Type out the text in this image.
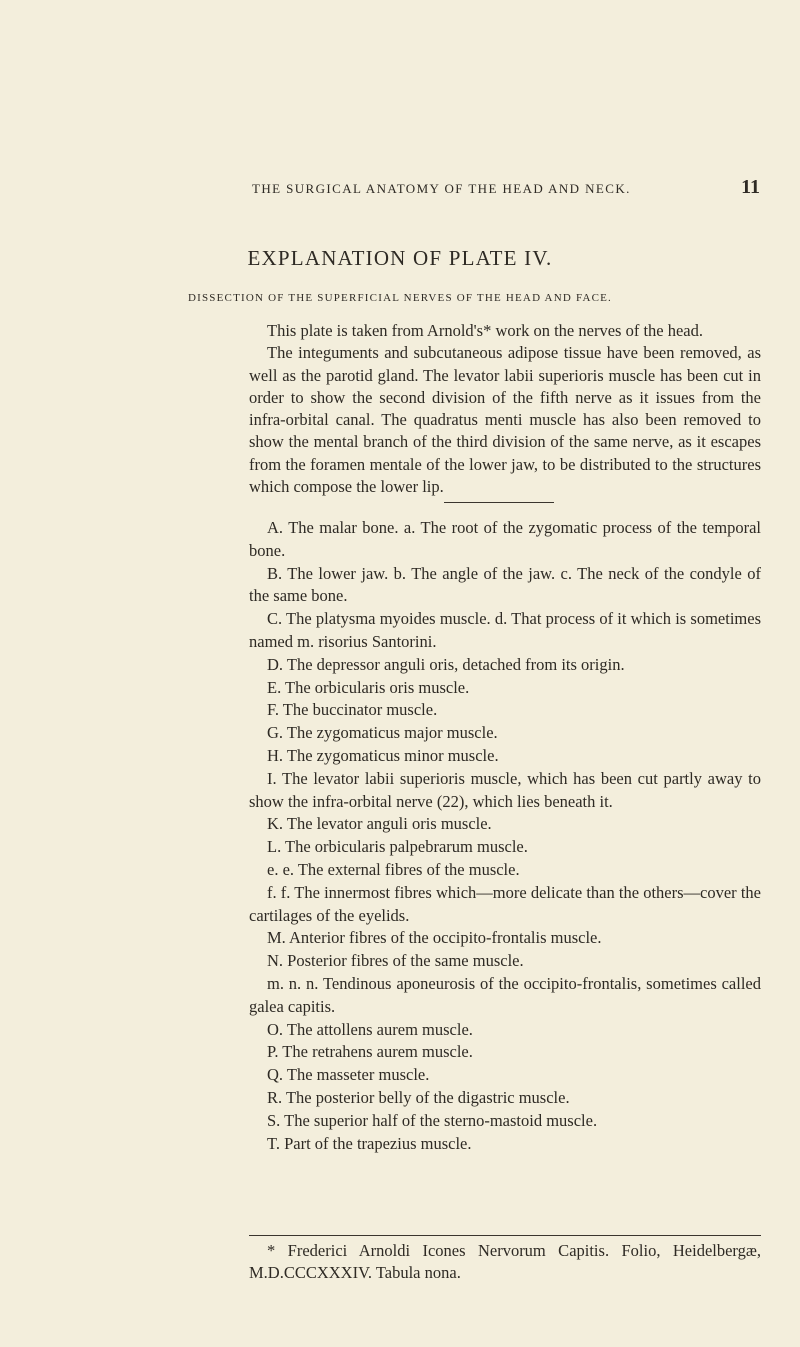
THE SURGICAL ANATOMY OF THE HEAD AND NECK.	11
EXPLANATION OF PLATE IV.
DISSECTION OF THE SUPERFICIAL NERVES OF THE HEAD AND FACE.

This plate is taken from Arnold's* work on the nerves of the head.

The integuments and subcutaneous adipose tissue have been removed, as well as the parotid gland. The levator labii superioris muscle has been cut in order to show the second division of the fifth nerve as it issues from the infra-orbital canal. The quadratus menti muscle has also been removed to show the mental branch of the third division of the same nerve, as it escapes from the foramen mentale of the lower jaw, to be distributed to the structures which compose the lower lip.

A. The malar bone. a. The root of the zygomatic process of the temporal bone.

B. The lower jaw. b. The angle of the jaw. c. The neck of the condyle of the same bone.

C. The platysma myoides muscle. d. That process of it which is sometimes named m. risorius Santorini.

D. The depressor anguli oris, detached from its origin.

E. The orbicularis oris muscle.

F. The buccinator muscle.

G. The zygomaticus major muscle.

H. The zygomaticus minor muscle.

I. The levator labii superioris muscle, which has been cut partly away to show the infra-orbital nerve (22), which lies beneath it.

K. The levator anguli oris muscle.

L. The orbicularis palpebrarum muscle.

e. e. The external fibres of the muscle.

f. f. The innermost fibres which—more delicate than the others—cover the cartilages of the eyelids.

M. Anterior fibres of the occipito-frontalis muscle.

N. Posterior fibres of the same muscle.

m. n. n. Tendinous aponeurosis of the occipito-frontalis, sometimes called galea capitis.

O. The attollens aurem muscle.

P. The retrahens aurem muscle.

Q. The masseter muscle.

R. The posterior belly of the digastric muscle.

S. The superior half of the sterno-mastoid muscle.

T. Part of the trapezius muscle.

* Frederici Arnoldi Icones Nervorum Capitis. Folio, Heidelbergæ, M.D.CCCXXXIV. Tabula nona.
